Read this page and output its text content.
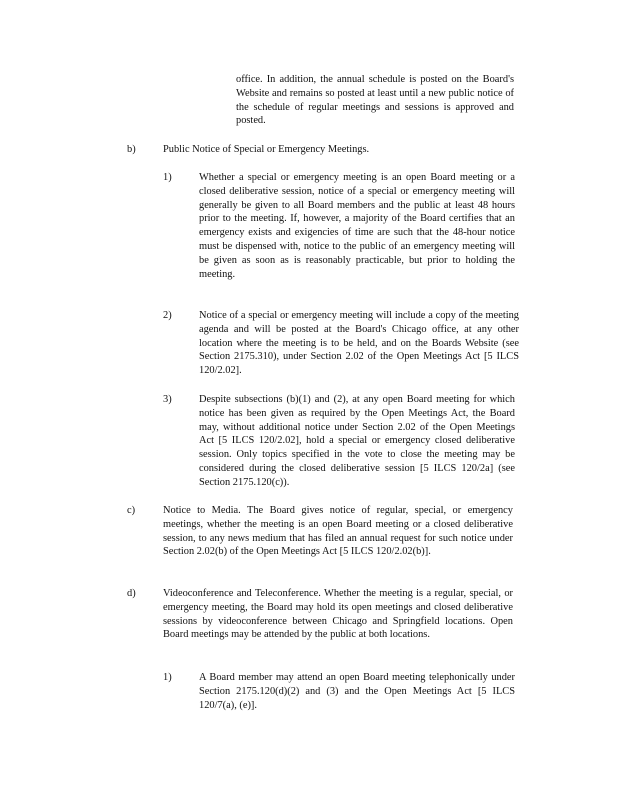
office. In addition, the annual schedule is posted on the Board's Website and remains so posted at least until a new public notice of the schedule of regular meetings and sessions is approved and posted.
b)	Public Notice of Special or Emergency Meetings.
1)	Whether a special or emergency meeting is an open Board meeting or a closed deliberative session, notice of a special or emergency meeting will generally be given to all Board members and the public at least 48 hours prior to the meeting. If, however, a majority of the Board certifies that an emergency exists and exigencies of time are such that the 48-hour notice must be dispensed with, notice to the public of an emergency meeting will be given as soon as is reasonably practicable, but prior to holding the meeting.
2)	Notice of a special or emergency meeting will include a copy of the meeting agenda and will be posted at the Board's Chicago office, at any other location where the meeting is to be held, and on the Boards Website (see Section 2175.310), under Section 2.02 of the Open Meetings Act [5 ILCS 120/2.02].
3)	Despite subsections (b)(1) and (2), at any open Board meeting for which notice has been given as required by the Open Meetings Act, the Board may, without additional notice under Section 2.02 of the Open Meetings Act [5 ILCS 120/2.02], hold a special or emergency closed deliberative session. Only topics specified in the vote to close the meeting may be considered during the closed deliberative session [5 ILCS 120/2a] (see Section 2175.120(c)).
c)	Notice to Media. The Board gives notice of regular, special, or emergency meetings, whether the meeting is an open Board meeting or a closed deliberative session, to any news medium that has filed an annual request for such notice under Section 2.02(b) of the Open Meetings Act [5 ILCS 120/2.02(b)].
d)	Videoconference and Teleconference. Whether the meeting is a regular, special, or emergency meeting, the Board may hold its open meetings and closed deliberative sessions by videoconference between Chicago and Springfield locations. Open Board meetings may be attended by the public at both locations.
1)	A Board member may attend an open Board meeting telephonically under Section 2175.120(d)(2) and (3) and the Open Meetings Act [5 ILCS 120/7(a), (e)].
